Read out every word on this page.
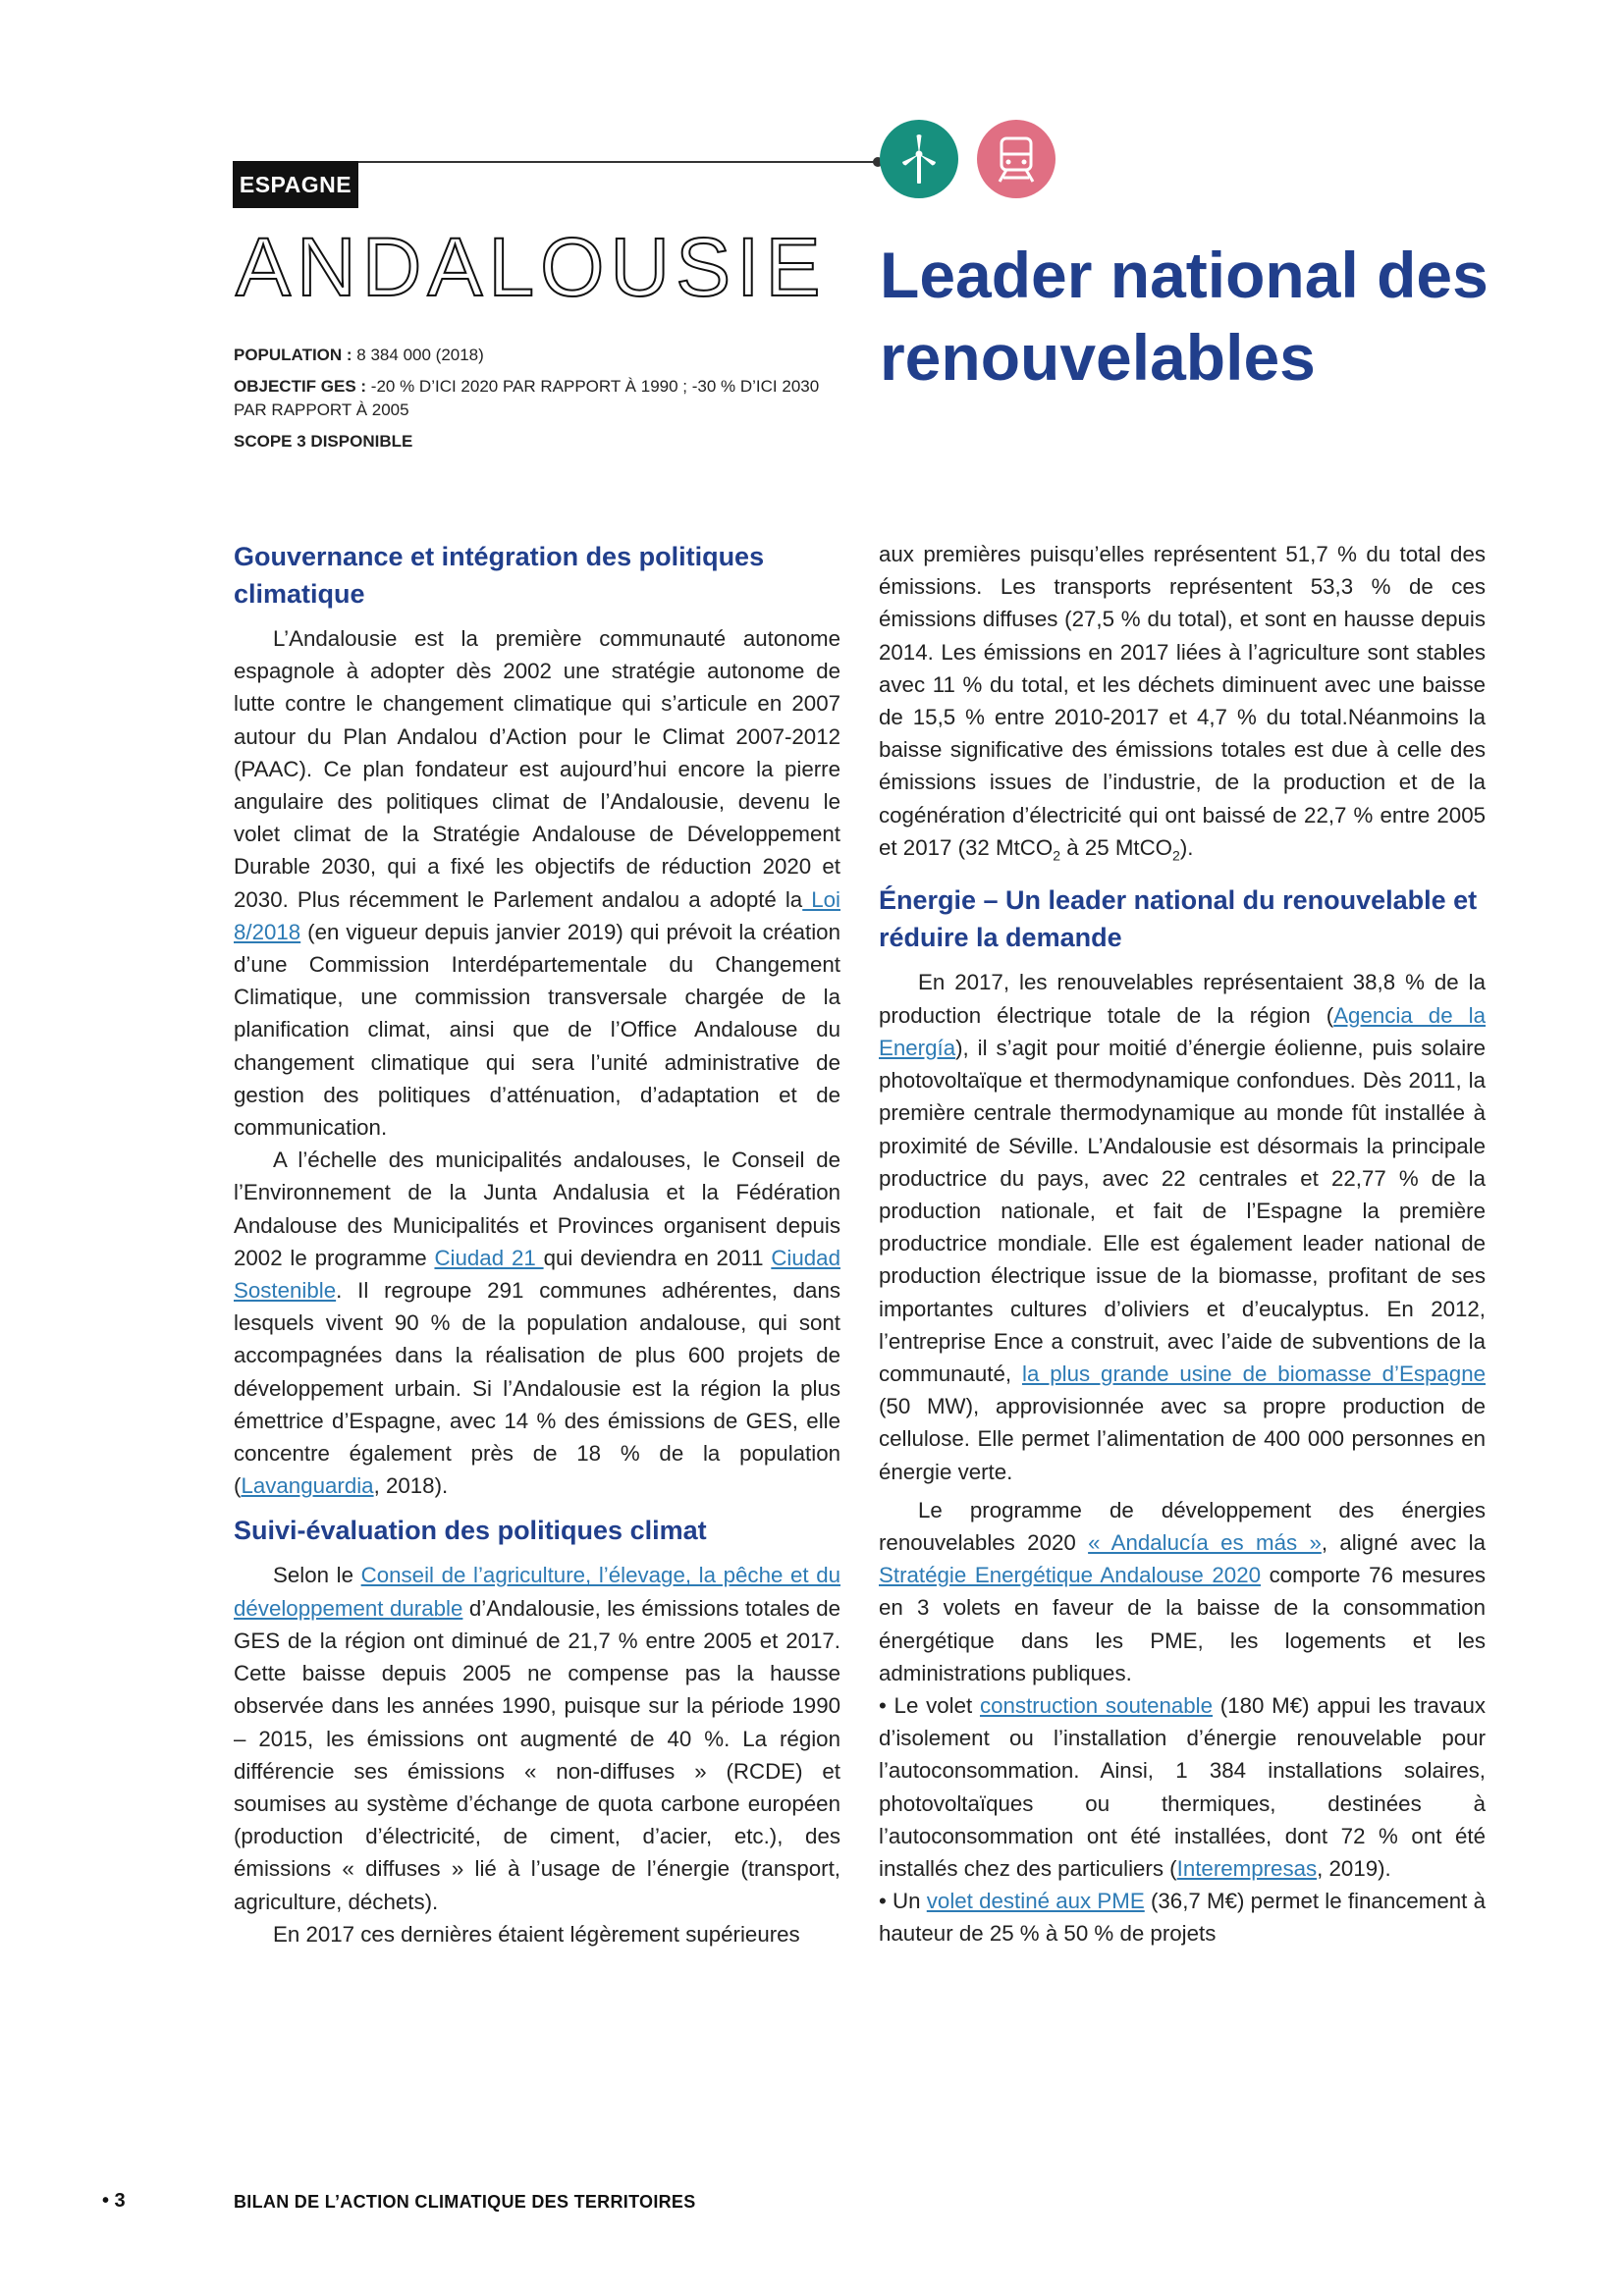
ESPAGNE
ANDALOUSIE Leader national des renouvelables
POPULATION : 8 384 000 (2018)
OBJECTIF GES : -20 % D’ICI 2020 PAR RAPPORT À 1990 ; -30 % D’ICI 2030
PAR RAPPORT À 2005
SCOPE 3 DISPONIBLE
Gouvernance et intégration des politiques climatique

L’Andalousie est la première communauté autonome espagnole à adopter dès 2002 une stratégie autonome de lutte contre le changement climatique qui s’articule en 2007 autour du Plan Andalou d’Action pour le Climat 2007-2012 (PAAC). Ce plan fondateur est aujourd’hui encore la pierre angulaire des politiques climat de l’Andalousie, devenu le volet climat de la Stratégie Andalouse de Développement Durable 2030, qui a fixé les objectifs de réduction 2020 et 2030. Plus récemment le Parlement andalou a adopté la Loi 8/2018 (en vigueur depuis janvier 2019) qui prévoit la création d’une Commission Interdépartementale du Changement Climatique, une commission transversale chargée de la planification climat, ainsi que de l’Office Andalouse du changement climatique qui sera l’unité administrative de gestion des politiques d’atténuation, d’adaptation et de communication.

A l’échelle des municipalités andalouses, le Conseil de l’Environnement de la Junta Andalusia et la Fédération Andalouse des Municipalités et Provinces organisent depuis 2002 le programme Ciudad 21 qui deviendra en 2011 Ciudad Sostenible. Il regroupe 291 communes adhérentes, dans lesquels vivent 90 % de la population andalouse, qui sont accompagnées dans la réalisation de plus 600 projets de développement urbain. Si l’Andalousie est la région la plus émettrice d’Espagne, avec 14 % des émissions de GES, elle concentre également près de 18 % de la population (Lavanguardia, 2018).

Suivi-évaluation des politiques climat

Selon le Conseil de l’agriculture, l’élevage, la pêche et du développement durable d’Andalousie, les émissions totales de GES de la région ont diminué de 21,7 % entre 2005 et 2017. Cette baisse depuis 2005 ne compense pas la hausse observée dans les années 1990, puisque sur la période 1990 – 2015, les émissions ont augmenté de 40 %. La région différencie ses émissions « non-diffuses » (RCDE) et soumises au système d’échange de quota carbone européen (production d’électricité, de ciment, d’acier, etc.), des émissions « diffuses » lié à l’usage de l’énergie (transport, agriculture, déchets).

En 2017 ces dernières étaient légèrement supérieures

aux premières puisqu’elles représentent 51,7 % du total des émissions. Les transports représentent 53,3 % de ces émissions diffuses (27,5 % du total), et sont en hausse depuis 2014. Les émissions en 2017 liées à l’agriculture sont stables avec 11 % du total, et les déchets diminuent avec une baisse de 15,5 % entre 2010-2017 et 4,7 % du total.Néanmoins la baisse significative des émissions totales est due à celle des émissions issues de l’industrie, de la production et de la cogénération d’électricité qui ont baissé de 22,7 % entre 2005 et 2017 (32 MtCO$_2$ à 25 MtCO$_2$).

Énergie – Un leader national du renouvelable et réduire la demande

En 2017, les renouvelables représentaient 38,8 % de la production électrique totale de la région (Agencia de la Energía), il s’agit pour moitié d’énergie éolienne, puis solaire photovoltaïque et thermodynamique confondues. Dès 2011, la première centrale thermodynamique au monde fût installée à proximité de Séville. L’Andalousie est désormais la principale productrice du pays, avec 22 centrales et 22,77 % de la production nationale, et fait de l’Espagne la première productrice mondiale. Elle est également leader national de production électrique issue de la biomasse, profitant de ses importantes cultures d’oliviers et d’eucalyptus. En 2012, l’entreprise Ence a construit, avec l’aide de subventions de la communauté, la plus grande usine de biomasse d’Espagne (50 MW), approvisionnée avec sa propre production de cellulose. Elle permet l’alimentation de 400 000 personnes en énergie verte.

Le programme de développement des énergies renouvelables 2020 « Andalucía es más », aligné avec la Stratégie Energétique Andalouse 2020 comporte 76 mesures en 3 volets en faveur de la baisse de la consommation énergétique dans les PME, les logements et les administrations publiques.

• Le volet construction soutenable (180 M€) appui les travaux d’isolement ou l’installation d’énergie renouvelable pour l’autoconsommation. Ainsi, 1 384 installations solaires, photovoltaïques ou thermiques, destinées à l’autoconsommation ont été installées, dont 72 % ont été installés chez des particuliers (Interempresas, 2019).

• Un volet destiné aux PME (36,7 M€) permet le financement à hauteur de 25 % à 50 % de projets

• 3	BILAN DE L’ACTION CLIMATIQUE DES TERRITOIRES
